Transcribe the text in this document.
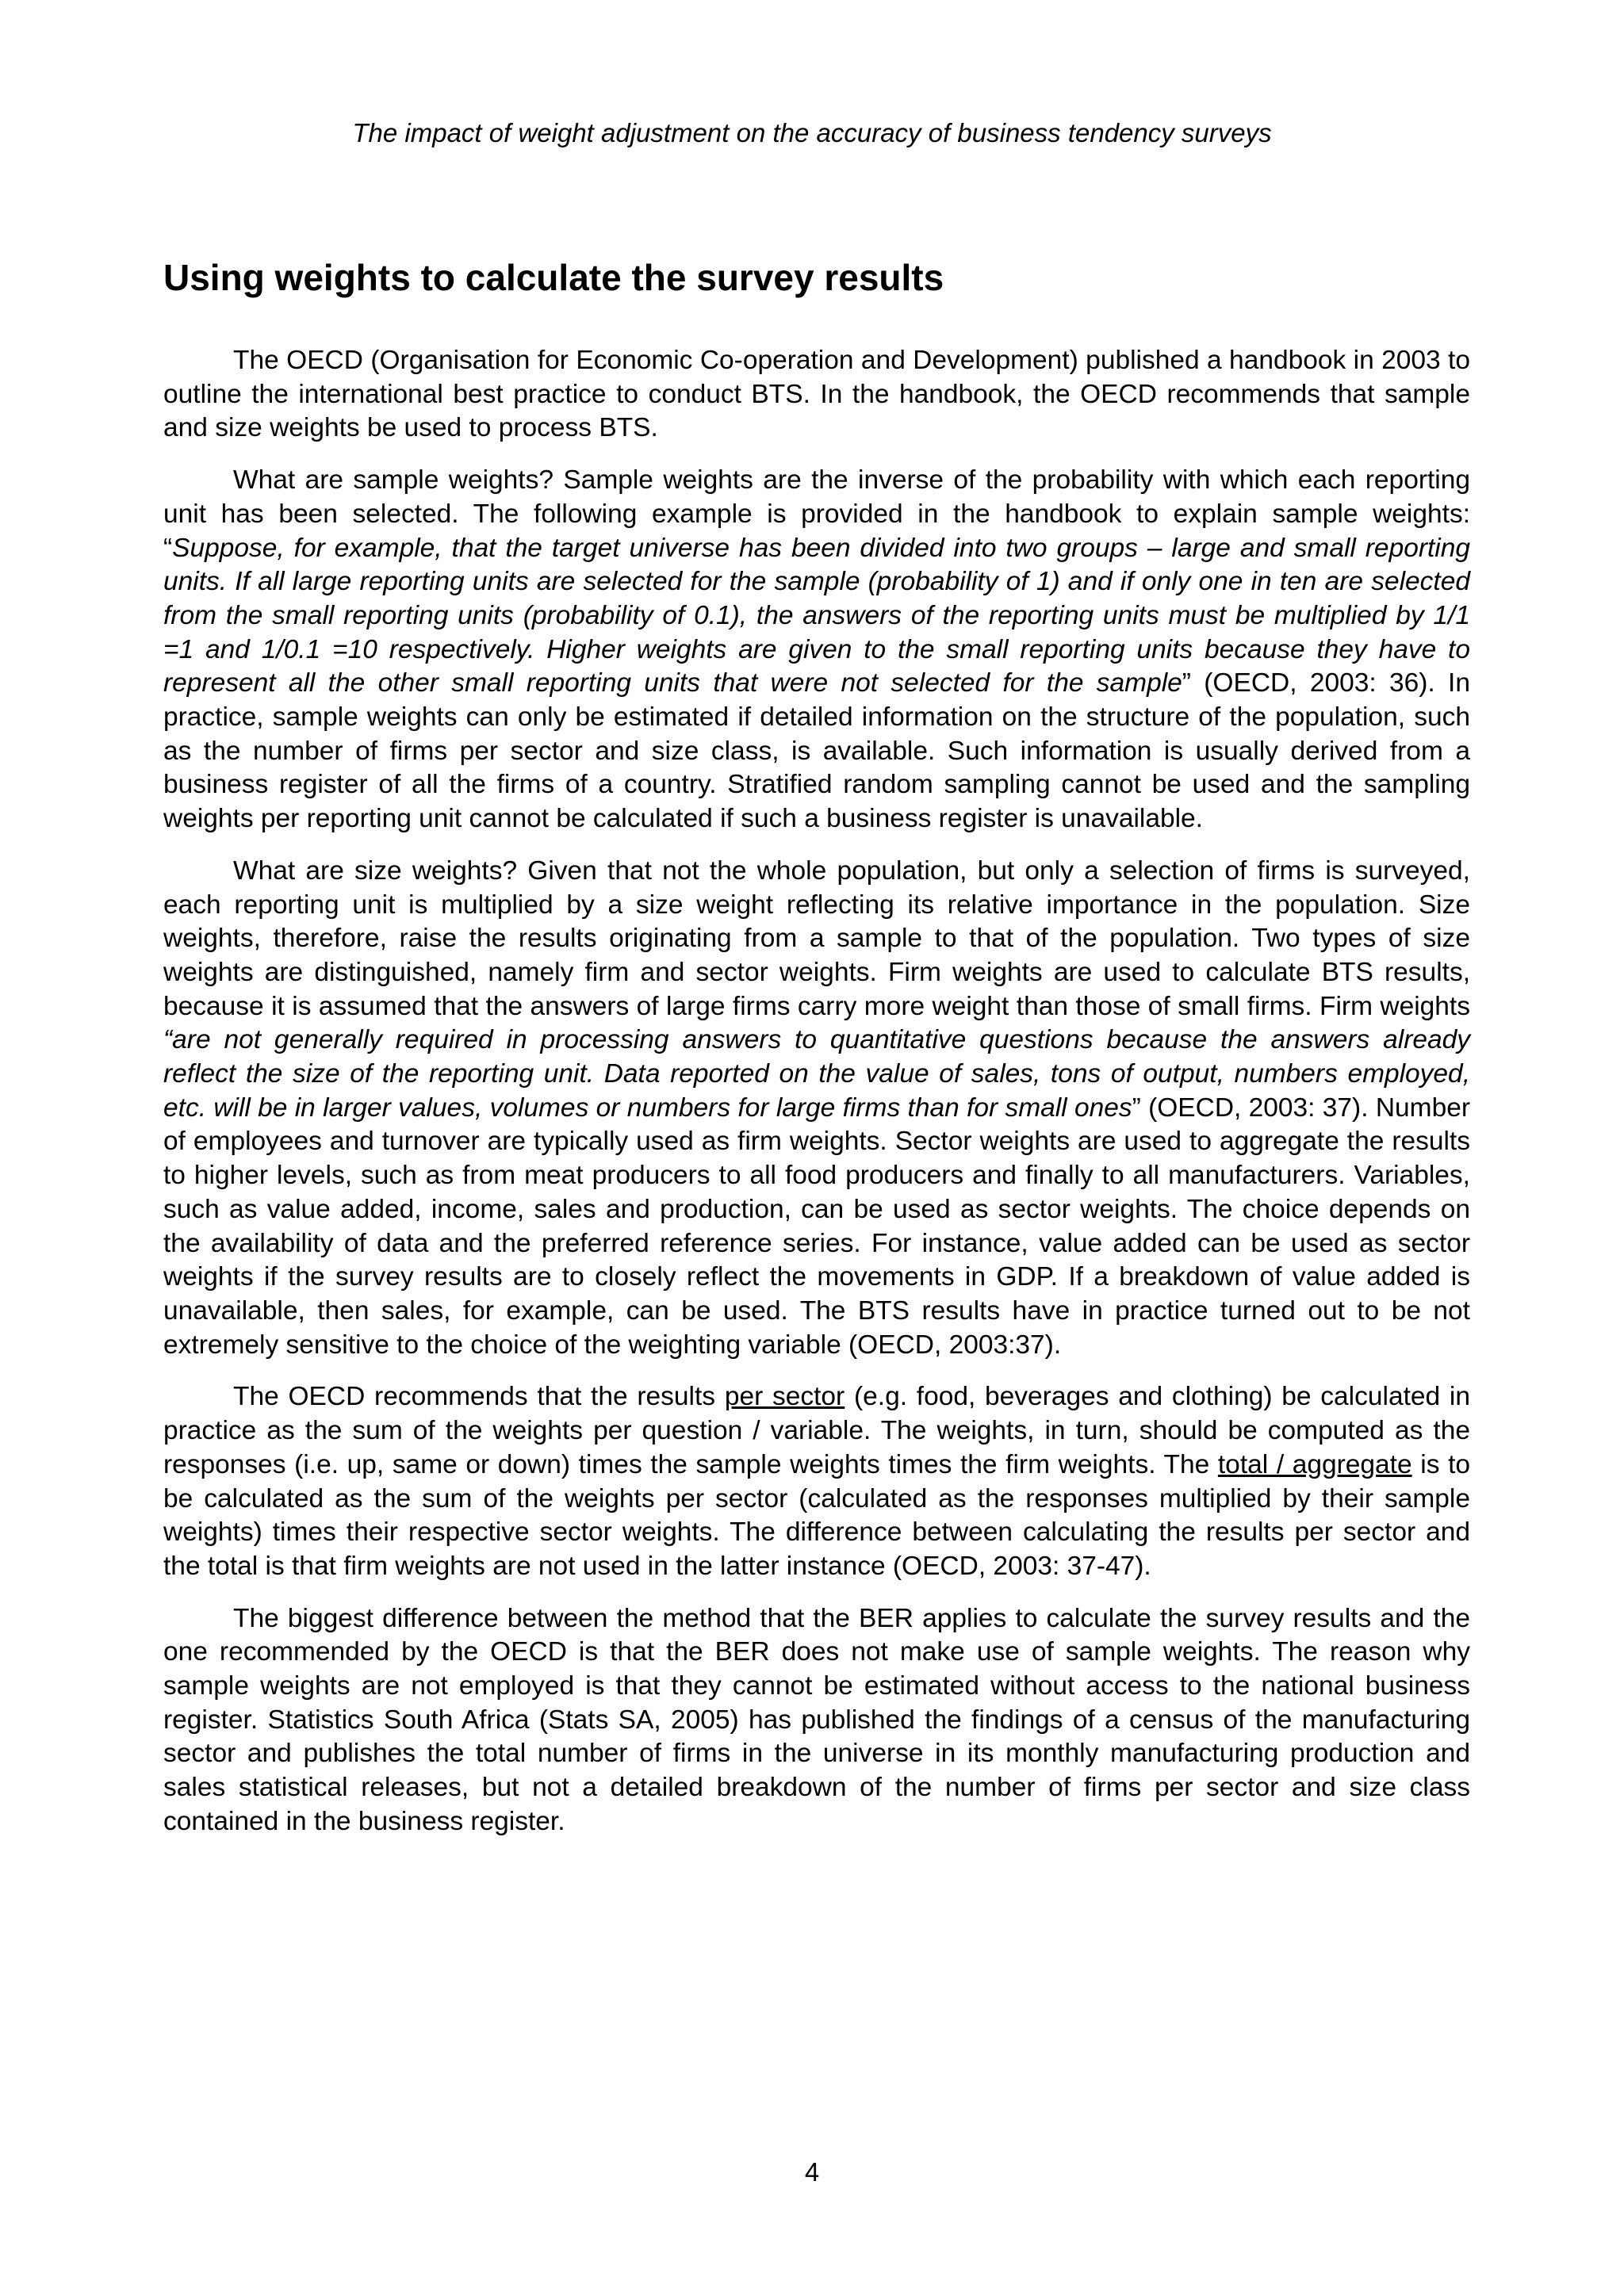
The impact of weight adjustment on the accuracy of business tendency surveys
Using weights to calculate the survey results

The OECD (Organisation for Economic Co-operation and Development) published a handbook in 2003 to outline the international best practice to conduct BTS. In the handbook, the OECD recommends that sample and size weights be used to process BTS.

What are sample weights? Sample weights are the inverse of the probability with which each reporting unit has been selected. The following example is provided in the handbook to explain sample weights: “Suppose, for example, that the target universe has been divided into two groups – large and small reporting units. If all large reporting units are selected for the sample (probability of 1) and if only one in ten are selected from the small reporting units (probability of 0.1), the answers of the reporting units must be multiplied by 1/1 =1 and 1/0.1 =10 respectively. Higher weights are given to the small reporting units because they have to represent all the other small reporting units that were not selected for the sample” (OECD, 2003: 36). In practice, sample weights can only be estimated if detailed information on the structure of the population, such as the number of firms per sector and size class, is available. Such information is usually derived from a business register of all the firms of a country. Stratified random sampling cannot be used and the sampling weights per reporting unit cannot be calculated if such a business register is unavailable.

What are size weights? Given that not the whole population, but only a selection of firms is surveyed, each reporting unit is multiplied by a size weight reflecting its relative importance in the population. Size weights, therefore, raise the results originating from a sample to that of the population. Two types of size weights are distinguished, namely firm and sector weights. Firm weights are used to calculate BTS results, because it is assumed that the answers of large firms carry more weight than those of small firms. Firm weights “are not generally required in processing answers to quantitative questions because the answers already reflect the size of the reporting unit. Data reported on the value of sales, tons of output, numbers employed, etc. will be in larger values, volumes or numbers for large firms than for small ones” (OECD, 2003: 37). Number of employees and turnover are typically used as firm weights. Sector weights are used to aggregate the results to higher levels, such as from meat producers to all food producers and finally to all manufacturers. Variables, such as value added, income, sales and production, can be used as sector weights. The choice depends on the availability of data and the preferred reference series. For instance, value added can be used as sector weights if the survey results are to closely reflect the movements in GDP. If a breakdown of value added is unavailable, then sales, for example, can be used. The BTS results have in practice turned out to be not extremely sensitive to the choice of the weighting variable (OECD, 2003:37).

The OECD recommends that the results per sector (e.g. food, beverages and clothing) be calculated in practice as the sum of the weights per question / variable. The weights, in turn, should be computed as the responses (i.e. up, same or down) times the sample weights times the firm weights. The total / aggregate is to be calculated as the sum of the weights per sector (calculated as the responses multiplied by their sample weights) times their respective sector weights. The difference between calculating the results per sector and the total is that firm weights are not used in the latter instance (OECD, 2003: 37-47).

The biggest difference between the method that the BER applies to calculate the survey results and the one recommended by the OECD is that the BER does not make use of sample weights. The reason why sample weights are not employed is that they cannot be estimated without access to the national business register. Statistics South Africa (Stats SA, 2005) has published the findings of a census of the manufacturing sector and publishes the total number of firms in the universe in its monthly manufacturing production and sales statistical releases, but not a detailed breakdown of the number of firms per sector and size class contained in the business register.

4
